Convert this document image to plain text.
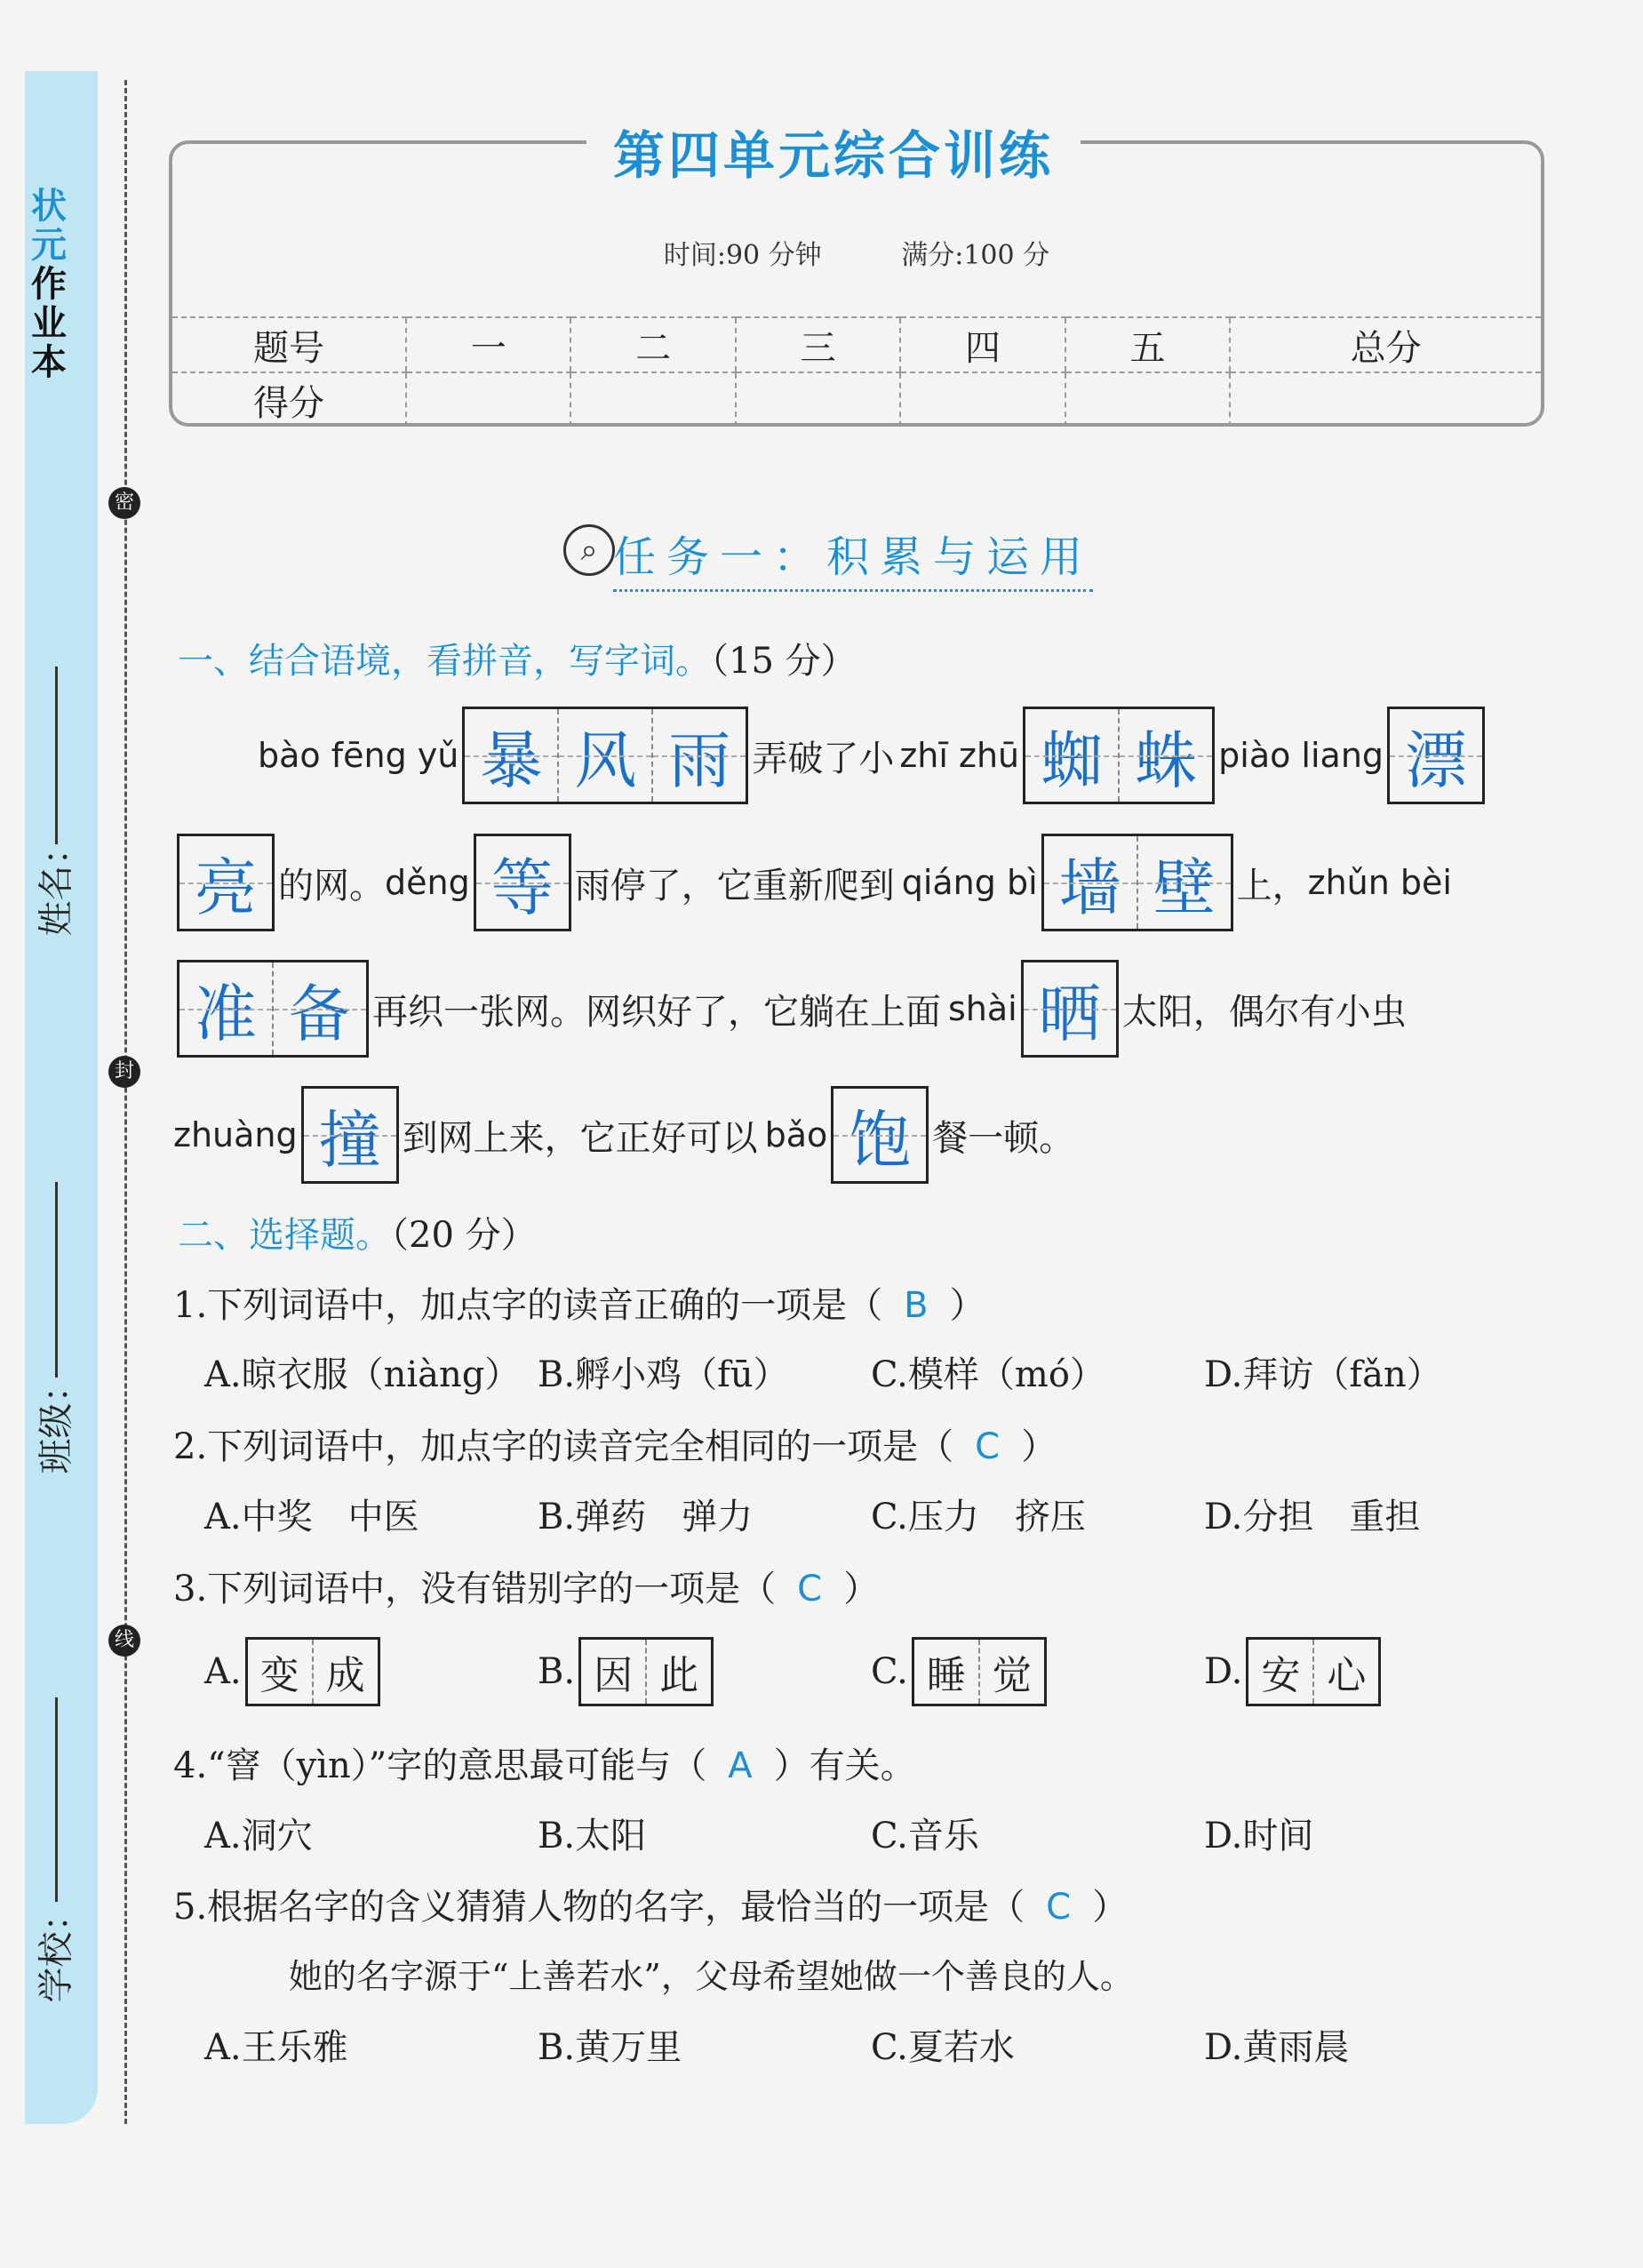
状
元
作
业
本
姓名：
班级：
学校：
密
封
线
第四单元综合训练
时间:90 分钟	满分:100 分
题号	一	二	三	四	五	总分
得分						
⌕ 任务一：积累与运用
一、结合语境，看拼音，写字词。（15 分）
bào fēng yǔ 暴 风 雨 弄破了小 zhī zhū 蜘 蛛 piào liang 漂
亮 的网。 děng 等 雨停了，它重新爬到 qiáng bì 墙 壁 上， zhǔn bèi
准 备 再织一张网。网织好了，它躺在上面 shài 晒 太阳，偶尔有小虫
zhuàng 撞 到网上来，它正好可以 bǎo 饱 餐一顿。
二、选择题。（20 分）
1.下列词语中，加点字的读音正确的一项是（ B ）
A.晾衣服（niàng） B.孵小鸡（fū）	C.模样（mó）	D.拜访（fǎn）
2.下列词语中，加点字的读音完全相同的一项是（ C ）
A.中奖　中医	B.弹药　弹力	C.压力　挤压	D.分担　重担
3.下列词语中，没有错别字的一项是（ C ）
A. 变 成	B. 因 此	C. 睡 觉	D. 安 心
4.“窨（yìn）”字的意思最可能与（ A ）有关。
A.洞穴	B.太阳	C.音乐	D.时间
5.根据名字的含义猜猜人物的名字，最恰当的一项是（ C ）
她的名字源于“上善若水”，父母希望她做一个善良的人。
A.王乐雅	B.黄万里	C.夏若水	D.黄雨晨
